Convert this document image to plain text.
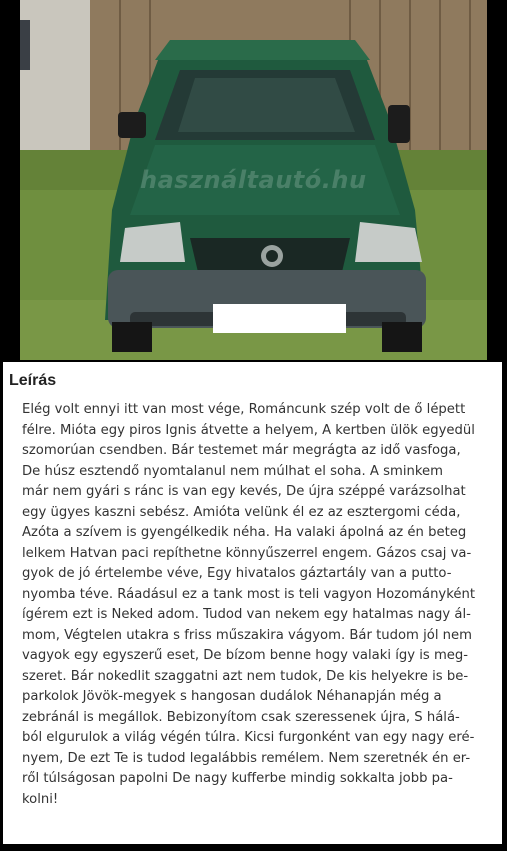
használtautó.hu
Leírás
Elég volt ennyi itt van most vége, Románcunk szép volt de ő lépett
félre. Mióta egy piros Ignis átvette a helyem, A kertben ülök egyedül
szomorúan csendben. Bár testemet már megrágta az idő vasfoga,
De húsz esztendő nyomtalanul nem múlhat el soha. A sminkem
már nem gyári s ránc is van egy kevés, De újra széppé varázsolhat
egy ügyes kaszni sebész. Amióta velünk él ez az esztergomi céda,
Azóta a szívem is gyengélkedik néha. Ha valaki ápolná az én beteg
lelkem Hatvan paci repíthetne könnyűszerrel engem. Gázos csaj va-
gyok de jó értelembe véve, Egy hivatalos gáztartály van a putto-
nyomba téve. Ráadásul ez a tank most is teli vagyon Hozományként
ígérem ezt is Neked adom. Tudod van nekem egy hatalmas nagy ál-
mom, Végtelen utakra s friss műszakira vágyom. Bár tudom jól nem
vagyok egy egyszerű eset, De bízom benne hogy valaki így is meg-
szeret. Bár nokedlit szaggatni azt nem tudok, De kis helyekre is be-
parkolok Jövök-megyek s hangosan dudálok Néhanapján még a
zebránál is megállok. Bebizonyítom csak szeressenek újra, S hálá-
ból elgurulok a világ végén túlra. Kicsi furgonként van egy nagy eré-
nyem, De ezt Te is tudod legalábbis remélem. Nem szeretnék én er-
ről túlságosan papolni De nagy kufferbe mindig sokkalta jobb pa-
kolni!
